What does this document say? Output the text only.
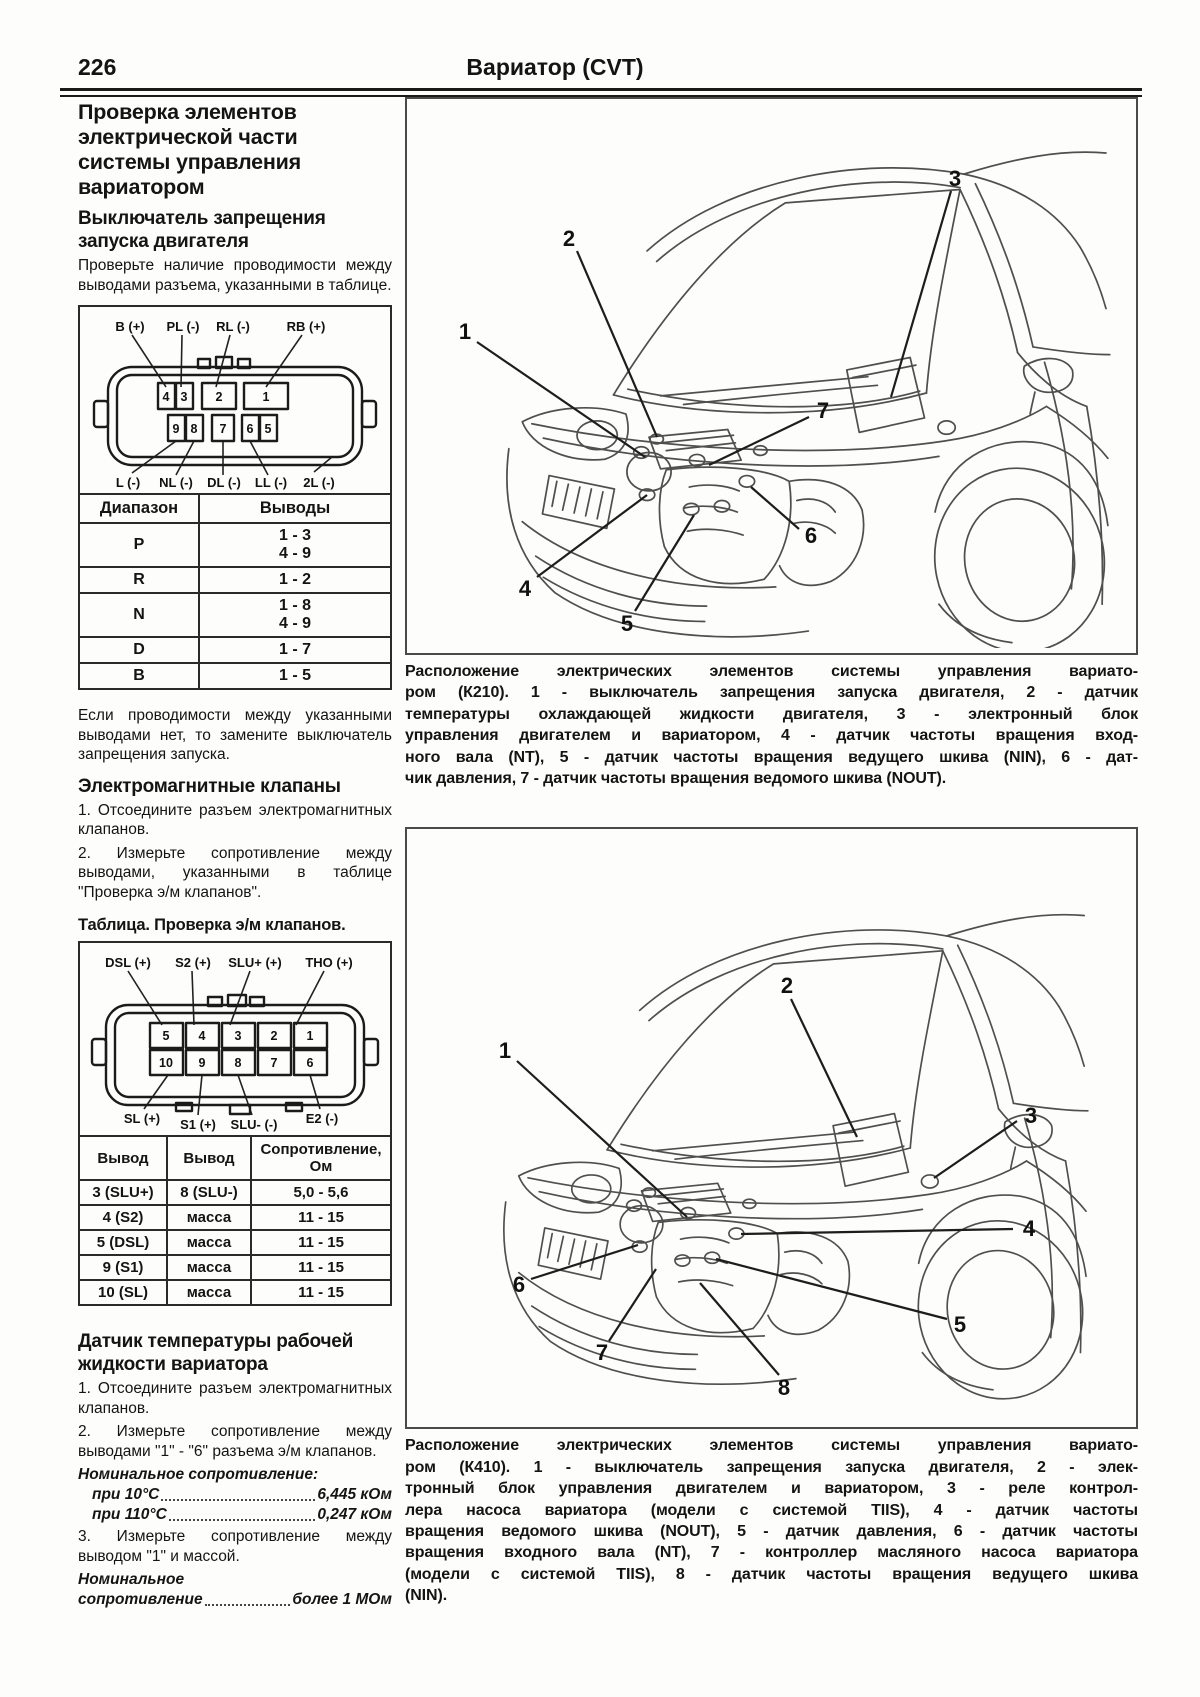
226	Вариатор (CVT)
Проверка элементов электрической части системы управления вариатором
Выключатель запрещения запуска двигателя
Проверьте наличие проводимости между выводами разъема, указанными в таблице.
B (+) PL (-) RL (-)	RB (+)
4 3 2	1
9 8 7 6 5
L (-) NL (-) DL (-) LL (-) 2L (-)
Диапазон	Выводы
P	1 - 3
4 - 9

R	1 - 2
N	1 - 8
4 - 9

D	1 - 7
B	1 - 5
Если проводимости между указанными выводами нет, то замените выключатель запрещения запуска.
Электромагнитные клапаны
1. Отсоедините разъем электромагнитных клапанов.
2. Измерьте сопротивление между выводами, указанными в таблице "Проверка э/м клапанов".
Таблица. Проверка э/м клапанов.
DSL (+) S2 (+) SLU+ (+) THO (+)
5 4 3 2 1
10 9 8 7 6
SL (+) S1 (+) SLU- (-) E2 (-)
Вывод	Вывод	Сопротивление, Ом
3 (SLU+)	8 (SLU-)	5,0 - 5,6
4 (S2)	масса	11 - 15
5 (DSL)	масса	11 - 15
9 (S1)	масса	11 - 15
10 (SL)	масса	11 - 15
Датчик температуры рабочей жидкости вариатора
1. Отсоедините разъем электромагнитных клапанов.
2. Измерьте сопротивление между выводами "1" - "6" разъема э/м клапанов.
Номинальное сопротивление:
при 10°С	6,445 кОм
при 110°С	0,247 кОм
3. Измерьте сопротивление между выводом "1" и массой.
Номинальное
сопротивление	более 1 МОм
1
2
3
4
5
6
7
Расположение электрических элементов системы управления вариато-
ром (К210). 1 - выключатель запрещения запуска двигателя, 2 - датчик
температуры охлаждающей жидкости двигателя, 3 - электронный блок
управления двигателем и вариатором, 4 - датчик частоты вращения вход-
ного вала (NT), 5 - датчик частоты вращения ведущего шкива (NIN), 6 - дат-
чик давления, 7 - датчик частоты вращения ведомого шкива (NOUT).
1
2
3
4
5
6
7
8
Расположение электрических элементов системы управления вариато-
ром (К410). 1 - выключатель запрещения запуска двигателя, 2 - элек-
тронный блок управления двигателем и вариатором, 3 - реле контрол-
лера насоса вариатора (модели с системой TIIS), 4 - датчик частоты
вращения ведомого шкива (NOUT), 5 - датчик давления, 6 - датчик частоты
вращения входного вала (NT), 7 - контроллер масляного насоса вариатора
(модели с системой TIIS), 8 - датчик частоты вращения ведущего шкива
(NIN).
